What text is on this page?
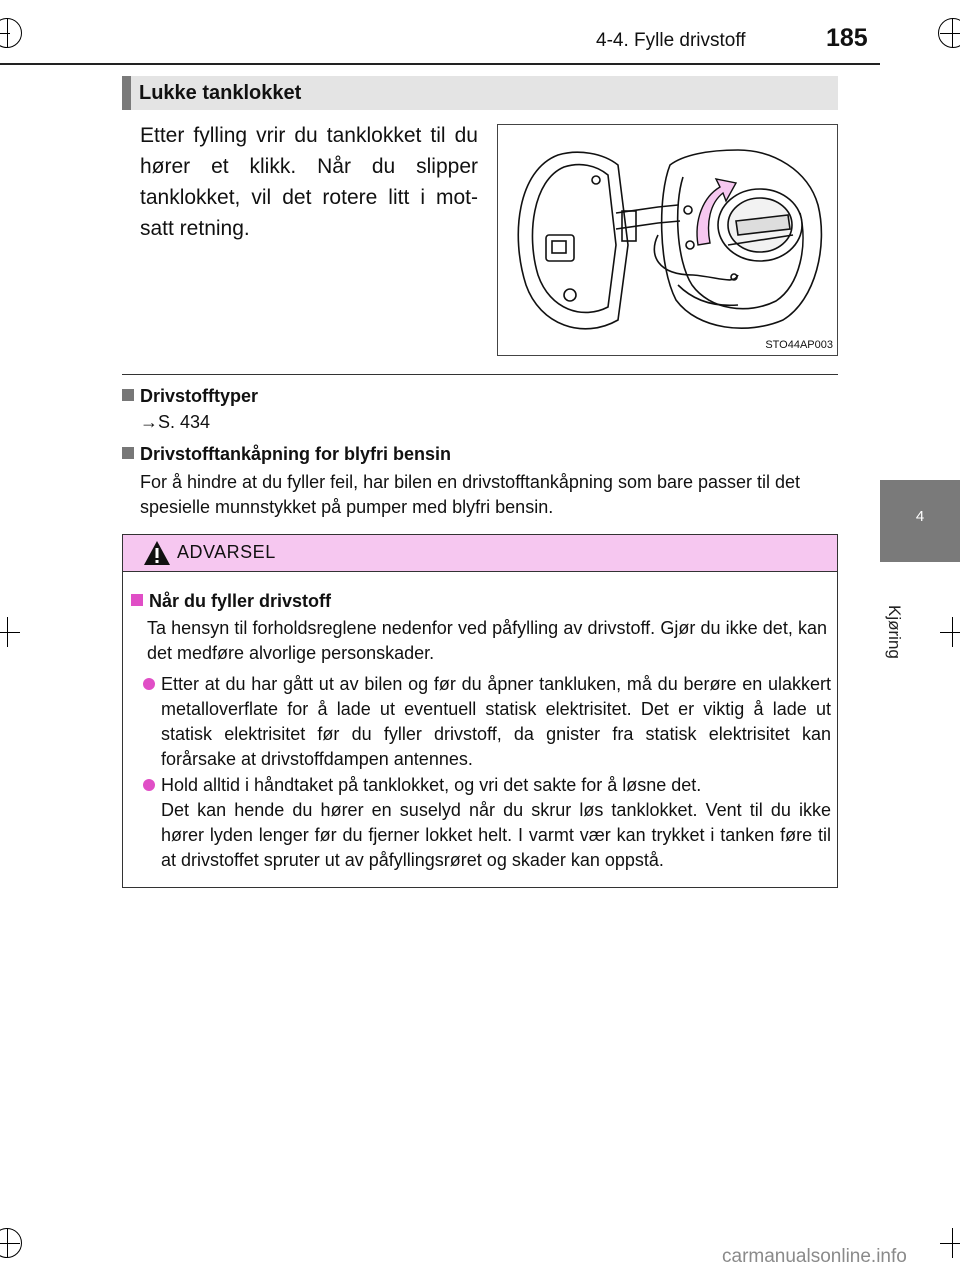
4-4. Fylle drivstoff	185
4
Kjøring
Lukke tanklokket
Etter fylling vrir du tanklokket til du hører et klikk. Når du slipper tanklokket, vil det rotere litt i mot-satt retning.
STO44AP003
Drivstofftyper
→S. 434
Drivstofftankåpning for blyfri bensin
For å hindre at du fyller feil, har bilen en drivstofftankåpning som bare passer til det spesielle munnstykket på pumper med blyfri bensin.
ADVARSEL
Når du fyller drivstoff
Ta hensyn til forholdsreglene nedenfor ved påfylling av drivstoff. Gjør du ikke det, kan det medføre alvorlige personskader.
Etter at du har gått ut av bilen og før du åpner tankluken, må du berøre en ulakkert metalloverflate for å lade ut eventuell statisk elektrisitet. Det er viktig å lade ut statisk elektrisitet før du fyller drivstoff, da gnister fra statisk elektrisitet kan forårsake at drivstoffdampen antennes.
Hold alltid i håndtaket på tanklokket, og vri det sakte for å løsne det.
Det kan hende du hører en suselyd når du skrur løs tanklokket. Vent til du ikke hører lyden lenger før du fjerner lokket helt. I varmt vær kan trykket i tanken føre til at drivstoffet spruter ut av påfyllingsrøret og skader kan oppstå.
carmanualsonline.info
